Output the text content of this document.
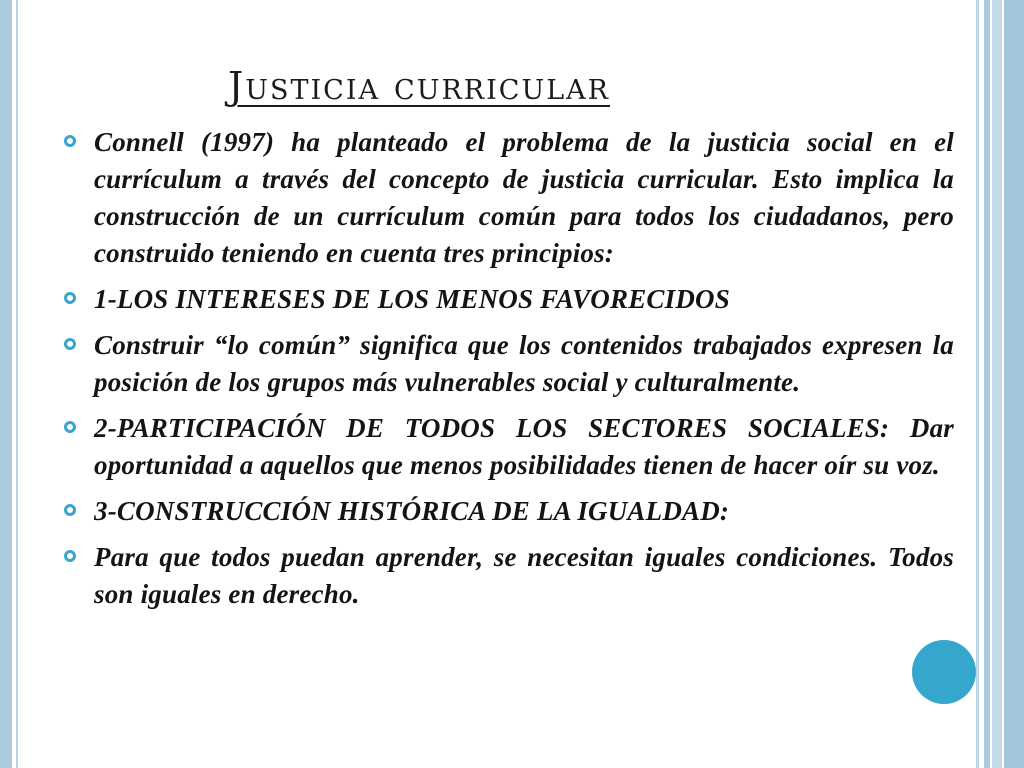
Justicia curricular
Connell (1997) ha planteado el problema de la justicia social en el currículum a través del concepto de justicia curricular. Esto implica la construcción de un currículum común para todos los ciudadanos, pero construido teniendo en cuenta tres principios:
1-LOS INTERESES DE LOS MENOS FAVORECIDOS
Construir “lo común” significa que los contenidos trabajados expresen la posición de los grupos más vulnerables social y culturalmente.
2-PARTICIPACIÓN DE TODOS LOS SECTORES SOCIALES: Dar oportunidad a aquellos que menos posibilidades tienen de hacer oír su voz.
3-CONSTRUCCIÓN HISTÓRICA DE LA IGUALDAD:
Para que todos puedan aprender, se necesitan iguales condiciones. Todos son iguales en derecho.
